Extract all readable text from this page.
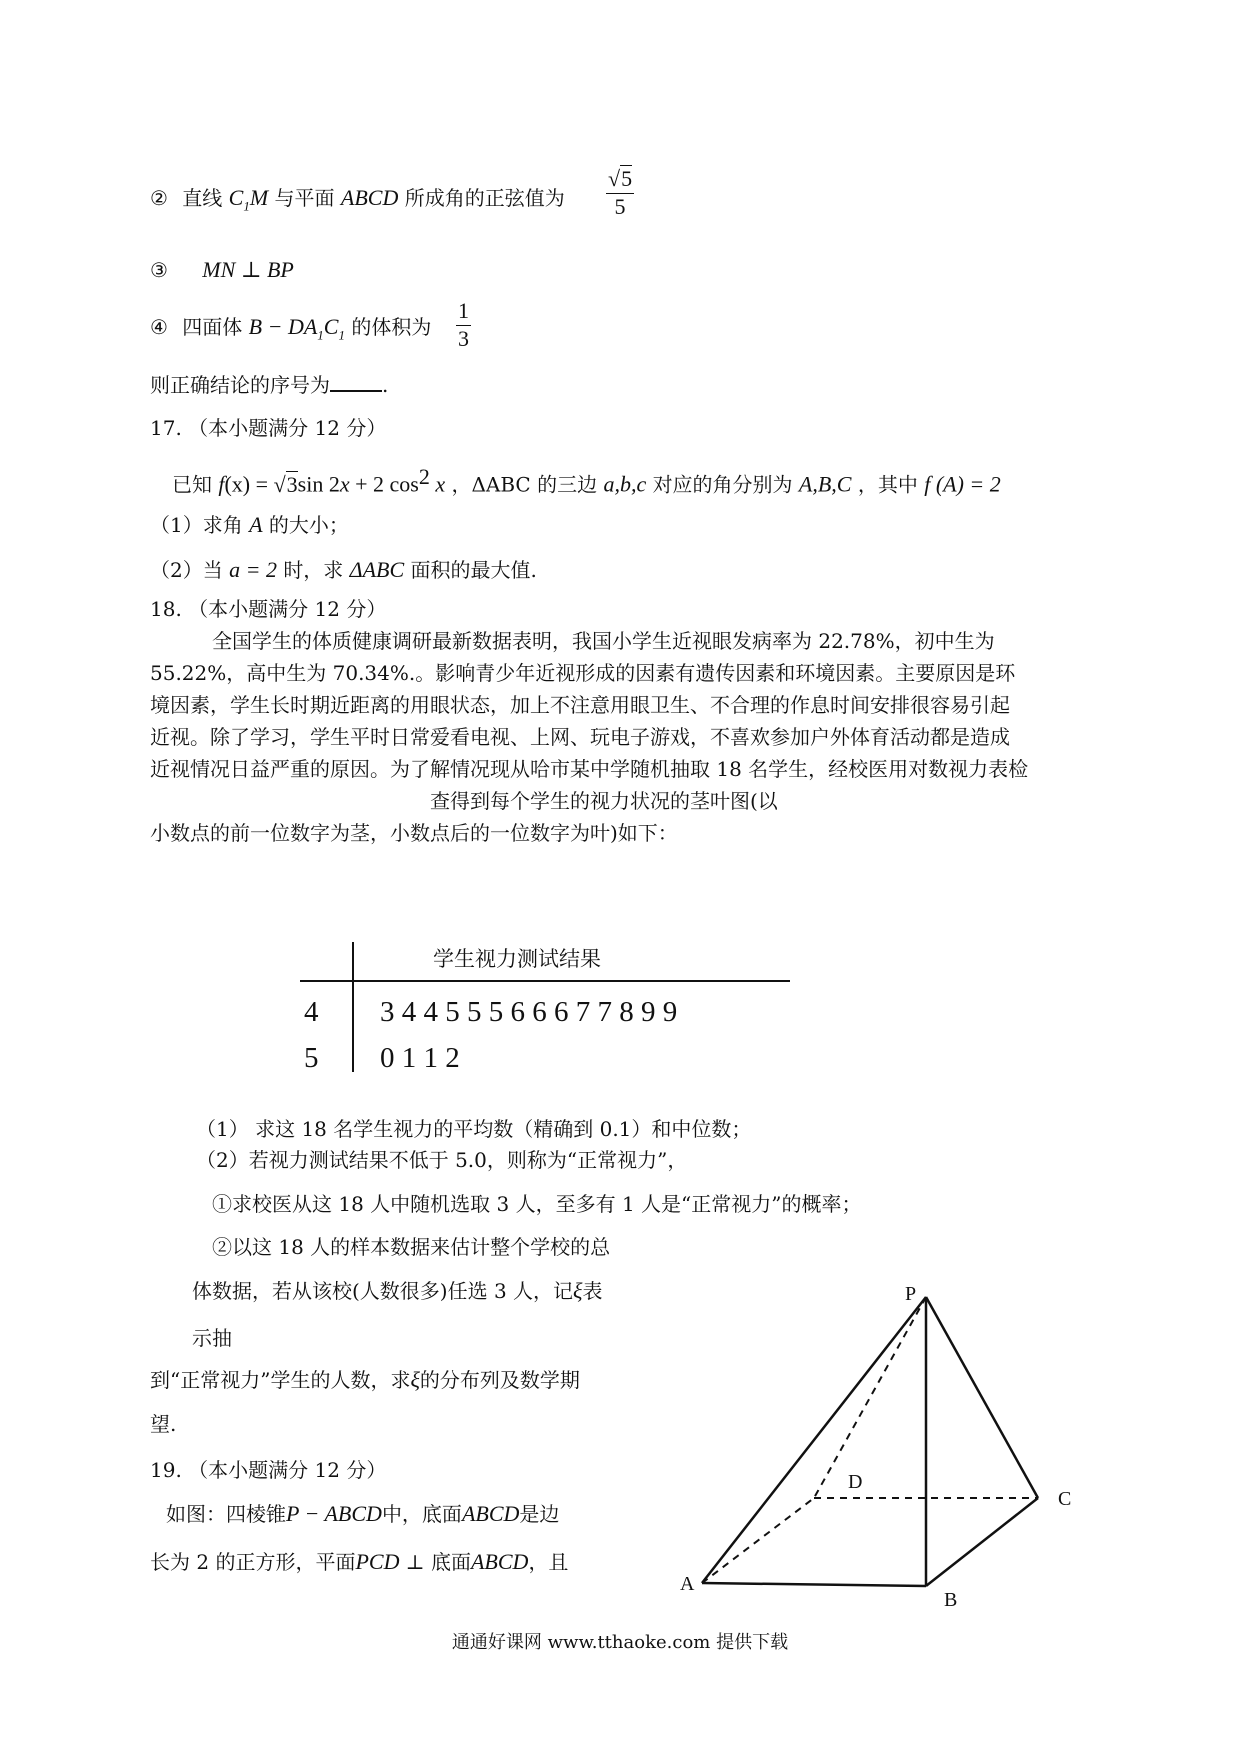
② 直线 $C_1M$ 与平面 ABCD 所成角的正弦值为 $\frac{√5}{5}$
③ MN ⊥ BP
④ 四面体 $B - DA_1C_1$ 的体积为 $\frac{1}{3}$
则正确结论的序号为	.
17. （本小题满分 12 分）
已知 f(x) = √3sin 2x + 2 $\cos^2 x$ ，ΔABC 的三边 a,b,c 对应的角分别为 A,B,C ，其中 f (A) = 2
（1）求角 A 的大小；
（2）当 a = 2 时，求 ΔABC 面积的最大值.
18. （本小题满分 12 分）
全国学生的体质健康调研最新数据表明，我国小学生近视眼发病率为 22.78%，初中生为
55.22%，高中生为 70.34%.。影响青少年近视形成的因素有遗传因素和环境因素。主要原因是环
境因素，学生长时期近距离的用眼状态，加上不注意用眼卫生、不合理的作息时间安排很容易引起
近视。除了学习，学生平时日常爱看电视、上网、玩电子游戏，不喜欢参加户外体育活动都是造成
近视情况日益严重的原因。为了解情况现从哈市某中学随机抽取 18 名学生，经校医用对数视力表检
查得到每个学生的视力状况的茎叶图(以
小数点的前一位数字为茎，小数点后的一位数字为叶)如下：
学生视力测试结果
4 3 4 4 5 5 5 6 6 6 7 7 8 9 9
5 0 1 1 2
（1） 求这 18 名学生视力的平均数（精确到 0.1）和中位数；
（2）若视力测试结果不低于 5.0，则称为“正常视力”，
①求校医从这 18 人中随机选取 3 人，至多有 1 人是“正常视力”的概率；
②以这 18 人的样本数据来估计整个学校的总
体数据，若从该校(人数很多)任选 3 人，记ξ表
示抽
到“正常视力”学生的人数，求ξ的分布列及数学期
望.
19. （本小题满分 12 分）
如图：四棱锥P − ABCD中，底面ABCD是边
长为 2 的正方形，平面PCD ⊥ 底面ABCD，且
P
D
C
A
B
通通好课网 www.tthaoke.com 提供下载
